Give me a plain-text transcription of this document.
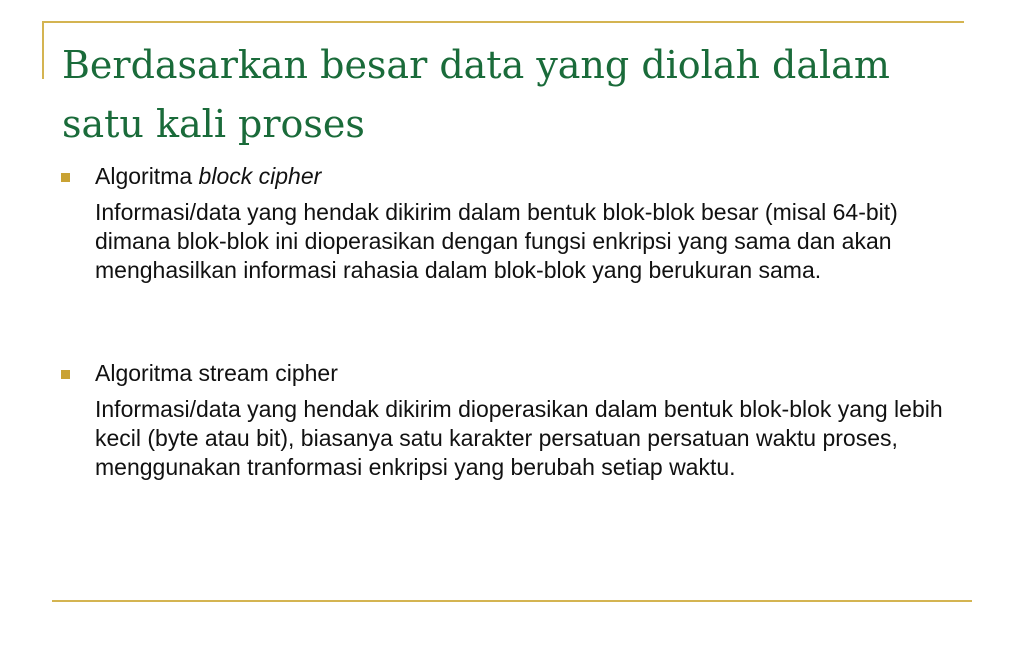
Berdasarkan besar data yang diolah dalam satu kali proses

Algoritma block cipher

Informasi/data yang hendak dikirim dalam bentuk blok-blok besar (misal 64-bit) dimana blok-blok ini dioperasikan dengan fungsi enkripsi yang sama dan akan menghasilkan informasi rahasia dalam blok-blok yang berukuran sama.

Algoritma stream cipher

Informasi/data yang hendak dikirim dioperasikan dalam bentuk blok-blok yang lebih kecil (byte atau bit), biasanya satu karakter persatuan persatuan waktu proses, menggunakan tranformasi enkripsi yang berubah setiap waktu.
